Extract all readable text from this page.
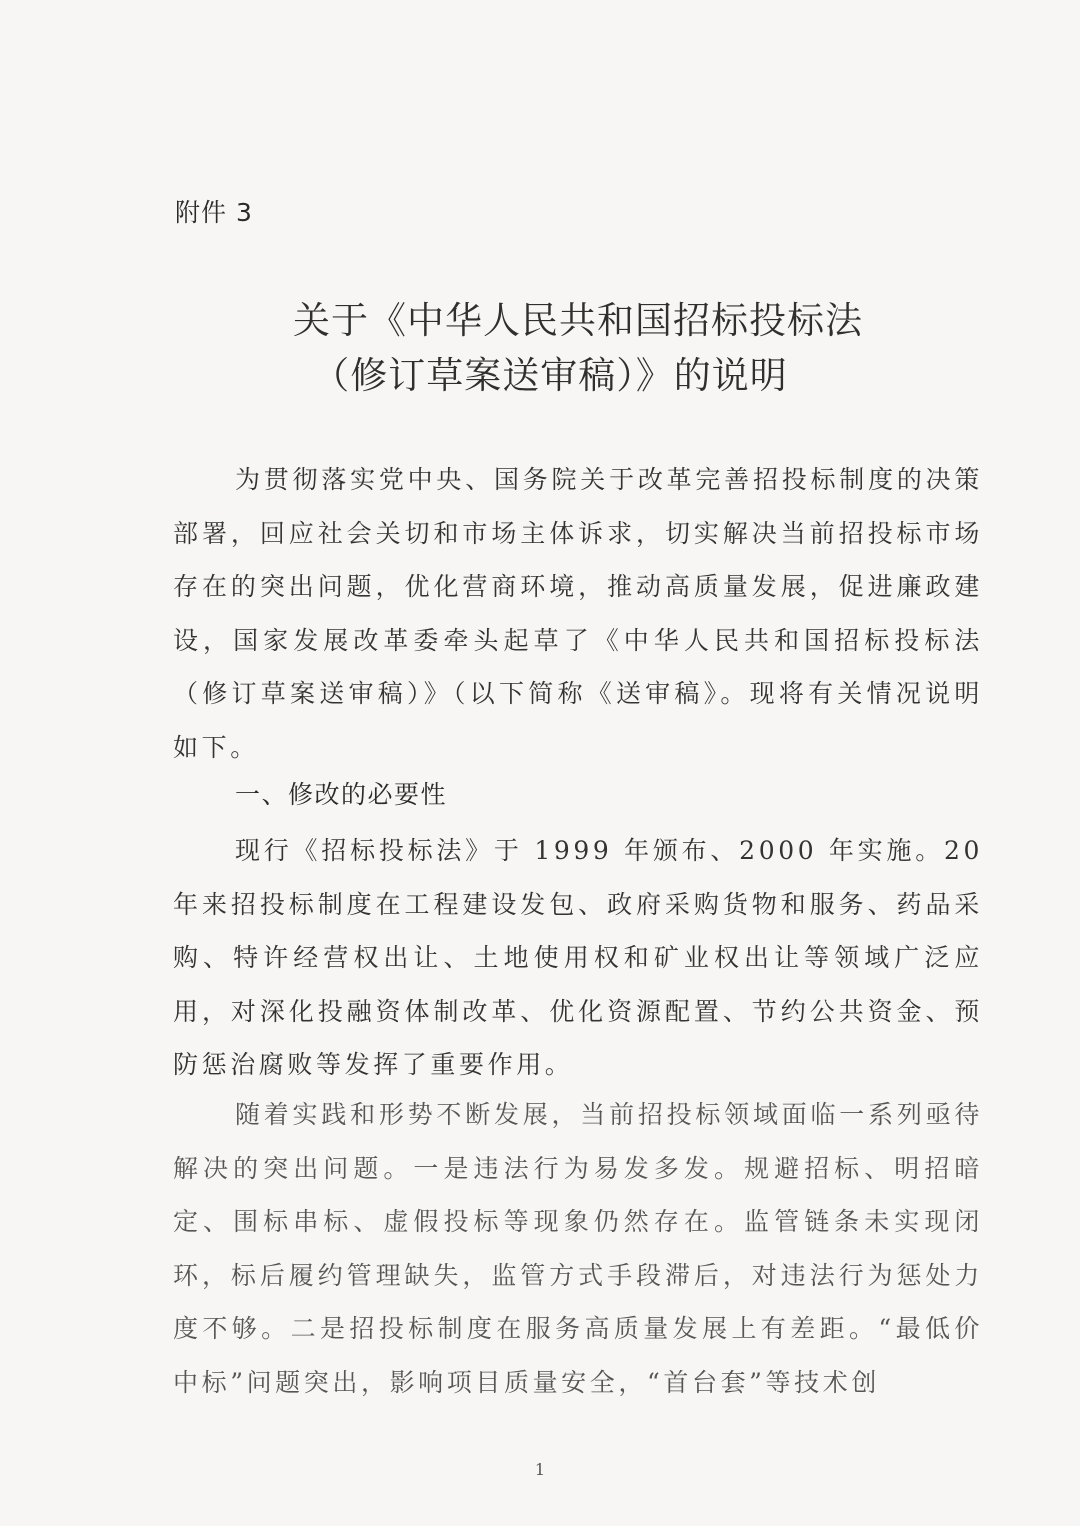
附件 3
关于《中华人民共和国招标投标法
（修订草案送审稿）》的说明
为贯彻落实党中央、国务院关于改革完善招投标制度的决策部署，回应社会关切和市场主体诉求，切实解决当前招投标市场存在的突出问题，优化营商环境，推动高质量发展，促进廉政建设，国家发展改革委牵头起草了《中华人民共和国招标投标法（修订草案送审稿）》（以下简称《送审稿》。现将有关情况说明如下。
一、修改的必要性
现行《招标投标法》于 1999 年颁布、2000 年实施。20 年来招投标制度在工程建设发包、政府采购货物和服务、药品采购、特许经营权出让、土地使用权和矿业权出让等领域广泛应用，对深化投融资体制改革、优化资源配置、节约公共资金、预防惩治腐败等发挥了重要作用。
随着实践和形势不断发展，当前招投标领域面临一系列亟待解决的突出问题。一是违法行为易发多发。规避招标、明招暗定、围标串标、虚假投标等现象仍然存在。监管链条未实现闭环，标后履约管理缺失，监管方式手段滞后，对违法行为惩处力度不够。二是招投标制度在服务高质量发展上有差距。“最低价中标”问题突出，影响项目质量安全，“首台套”等技术创
1
